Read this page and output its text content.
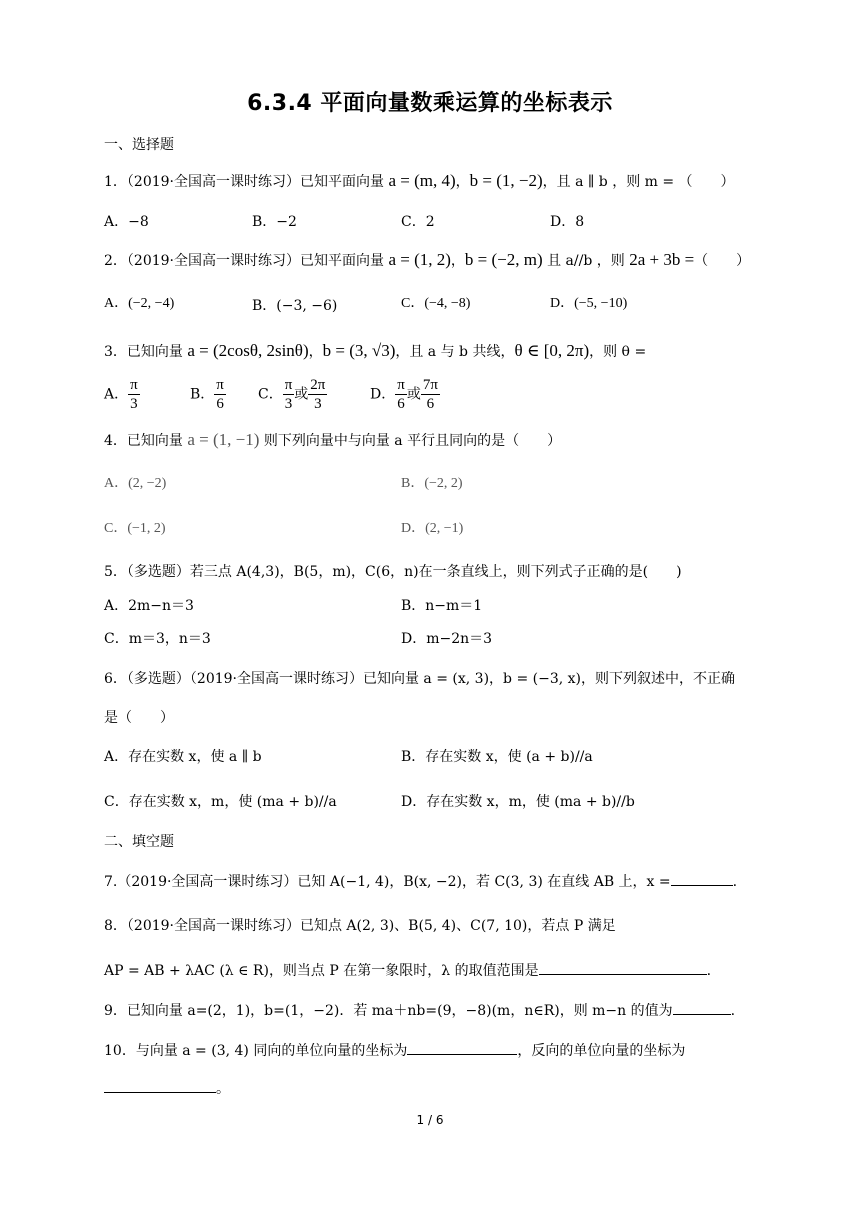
6.3.4 平面向量数乘运算的坐标表示
一、选择题
1．（2019·全国高一课时练习）已知平面向量 a = (m, 4)，b = (1, −2)，且 a ∥ b ，则 m = （　　）
A．−8	B．−2	C．2	D．8
2．（2019·全国高一课时练习）已知平面向量 a = (1, 2)，b = (−2, m) 且 a//b ，则 2a + 3b =（　　）
A．(−2, −4)	B．(−3, −6)	C．(−4, −8)	D．(−5, −10)
3．已知向量 a = (2cosθ, 2sinθ)，b = (3, √3)，且 a 与 b 共线，θ ∈ [0, 2π)，则 θ =
A． $\frac{\pi}{3}$	B． $\frac{\pi}{6}$ C． $\frac{\pi}{3}$ 或 $\frac{2\pi}{3}$	D． $\frac{\pi}{6}$ 或 $\frac{7\pi}{6}$
4．已知向量 a = (1, −1) 则下列向量中与向量 a 平行且同向的是（　　）
A．(2, −2)	B．(−2, 2)
C．(−1, 2)	D．(2, −1)
5．（多选题）若三点 A(4,3)，B(5，m)，C(6，n)在一条直线上，则下列式子正确的是(　　)
A．2m−n＝3	B．n−m＝1
C．m＝3，n＝3	D．m−2n＝3
6．（多选题）（2019·全国高一课时练习）已知向量 a = (x, 3)，b = (−3, x)，则下列叙述中，不正确
是（　　）
A．存在实数 x，使 a ∥ b	B．存在实数 x，使 (a + b)//a
C．存在实数 x，m，使 (ma + b)//a	D．存在实数 x，m，使 (ma + b)//b
二、填空题
7.（2019·全国高一课时练习）已知 A(−1, 4)，B(x, −2)，若 C(3, 3) 在直线 AB 上，x =	.
8．（2019·全国高一课时练习）已知点 A(2, 3)、B(5, 4)、C(7, 10)，若点 P 满足
AP = AB + λAC (λ ∈ R)，则当点 P 在第一象限时，λ 的取值范围是	.
9．已知向量 a=(2，1)，b=(1，−2)．若 ma＋nb=(9，−8)(m，n∈R)，则 m−n 的值为	.
10．与向量 a = (3, 4) 同向的单位向量的坐标为	，反向的单位向量的坐标为
。
1 / 6
